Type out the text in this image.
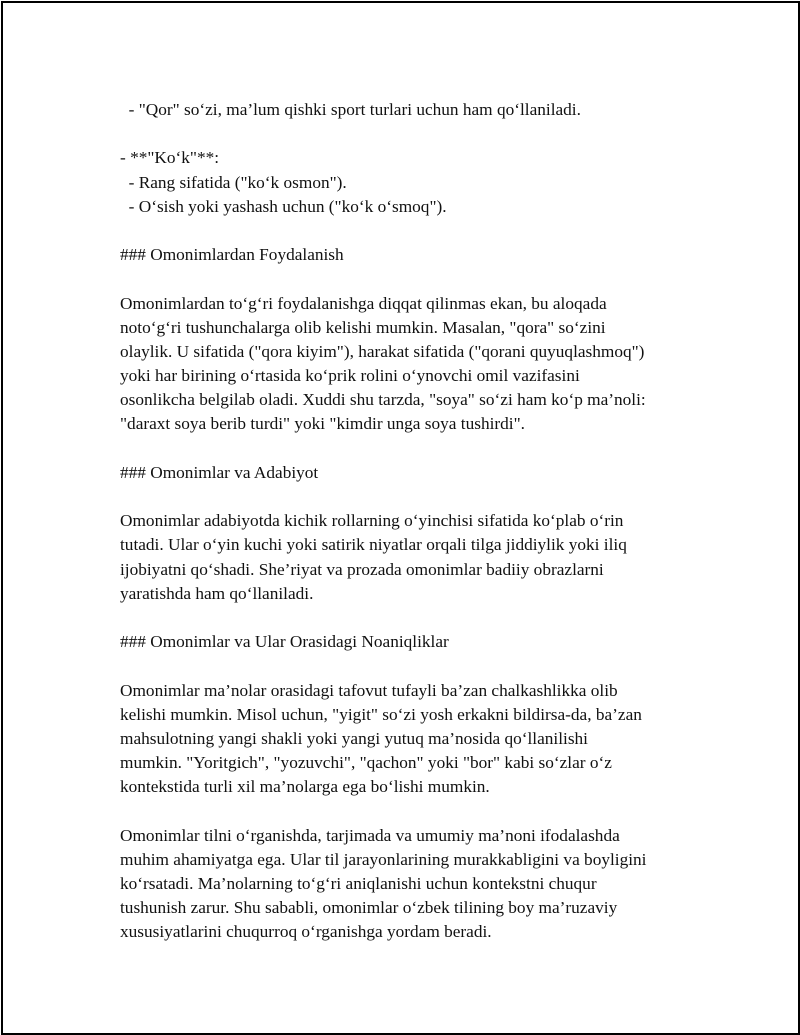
- "Qor" so‘zi, ma’lum qishki sport turlari uchun ham qo‘llaniladi.
- **"Ko‘k"**:
- Rang sifatida ("ko‘k osmon").
- O‘sish yoki yashash uchun ("ko‘k o‘smoq").
### Omonimlardan Foydalanish
Omonimlardan to‘g‘ri foydalanishga diqqat qilinmas ekan, bu aloqada
noto‘g‘ri tushunchalarga olib kelishi mumkin. Masalan, "qora" so‘zini
olaylik. U sifatida ("qora kiyim"), harakat sifatida ("qorani quyuqlashmoq")
yoki har birining o‘rtasida ko‘prik rolini o‘ynovchi omil vazifasini
osonlikcha belgilab oladi. Xuddi shu tarzda, "soya" so‘zi ham ko‘p ma’noli:
"daraxt soya berib turdi" yoki "kimdir unga soya tushirdi".
### Omonimlar va Adabiyot
Omonimlar adabiyotda kichik rollarning o‘yinchisi sifatida ko‘plab o‘rin
tutadi. Ular o‘yin kuchi yoki satirik niyatlar orqali tilga jiddiylik yoki iliq
ijobiyatni qo‘shadi. She’riyat va prozada omonimlar badiiy obrazlarni
yaratishda ham qo‘llaniladi.
### Omonimlar va Ular Orasidagi Noaniqliklar
Omonimlar ma’nolar orasidagi tafovut tufayli ba’zan chalkashlikka olib
kelishi mumkin. Misol uchun, "yigit" so‘zi yosh erkakni bildirsa-da, ba’zan
mahsulotning yangi shakli yoki yangi yutuq ma’nosida qo‘llanilishi
mumkin. "Yoritgich", "yozuvchi", "qachon" yoki "bor" kabi so‘zlar o‘z
kontekstida turli xil ma’nolarga ega bo‘lishi mumkin.
Omonimlar tilni o‘rganishda, tarjimada va umumiy ma’noni ifodalashda
muhim ahamiyatga ega. Ular til jarayonlarining murakkabligini va boyligini
ko‘rsatadi. Ma’nolarning to‘g‘ri aniqlanishi uchun kontekstni chuqur
tushunish zarur. Shu sababli, omonimlar o‘zbek tilining boy ma’ruzaviy
xususiyatlarini chuqurroq o‘rganishga yordam beradi.
